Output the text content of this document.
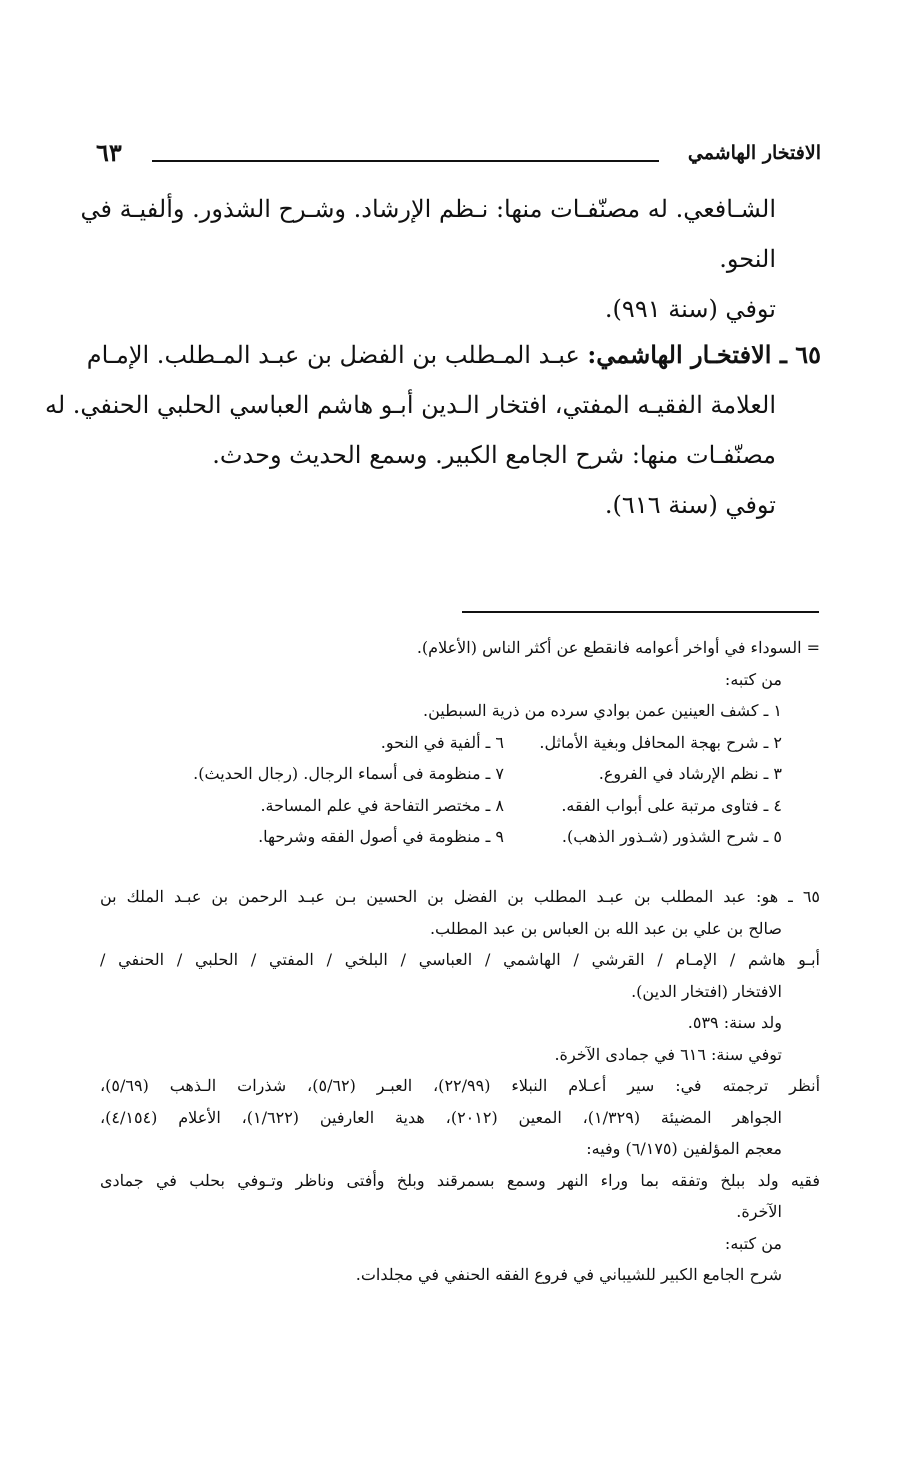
الافتخار الهاشمي
٦٣
الشـافعي. له مصنّفـات منها: نـظم الإرشاد. وشـرح الشذور. وألفيـة في
النحو.
توفي (سنة ٩٩١).
٦٥ ـ الافتخـار الهاشمي: عبـد المـطلب بن الفضل بن عبـد المـطلب. الإمـام
العلامة الفقيـه المفتي، افتخار الـدين أبـو هاشم العباسي الحلبي الحنفي. له
مصنّفـات منها: شرح الجامع الكبير. وسمع الحديث وحدث.
توفي (سنة ٦١٦).
= السوداء في أواخر أعوامه فانقطع عن أكثر الناس (الأعلام).
من كتبه:
١ ـ كشف العينين عمن بوادي سرده من ذرية السبطين.
٢ ـ شرح بهجة المحافل وبغية الأماثل.
٦ ـ ألفية في النحو.
٣ ـ نظم الإرشاد في الفروع.
٧ ـ منظومة فى أسماء الرجال. (رجال الحديث).
٤ ـ فتاوى مرتبة على أبواب الفقه.
٨ ـ مختصر التفاحة في علم المساحة.
٥ ـ شرح الشذور (شـذور الذهب).
٩ ـ منظومة في أصول الفقه وشرحها.
٦٥ ـ هو: عبد المطلب بن عبـد المطلب بن الفضل بن الحسين بـن عبـد الرحمن بن عبـد الملك بن
صالح بن علي بن عبد الله بن العباس بن عبد المطلب.
أبـو هاشم / الإمـام / القرشي / الهاشمي / العباسي / البلخي / المفتي / الحلبي / الحنفي /
الافتخار (افتخار الدين).
ولد سنة: ٥٣٩.
توفي سنة: ٦١٦ في جمادى الآخرة.
أنظر ترجمته في: سير أعـلام النبلاء (٢٢/٩٩)، العبـر (٥/٦٢)، شذرات الـذهب (٥/٦٩)،
الجواهر المضيئة (١/٣٢٩)، المعين (٢٠١٢)، هدية العارفين (١/٦٢٢)، الأعلام (٤/١٥٤)،
معجم المؤلفين (٦/١٧٥) وفيه:
فقيه ولد ببلخ وتفقه بما وراء النهر وسمع بسمرقند وبلخ وأفتى وناظر وتـوفي بحلب في جمادى
الآخرة.
من كتبه:
شرح الجامع الكبير للشيباني في فروع الفقه الحنفي في مجلدات.
